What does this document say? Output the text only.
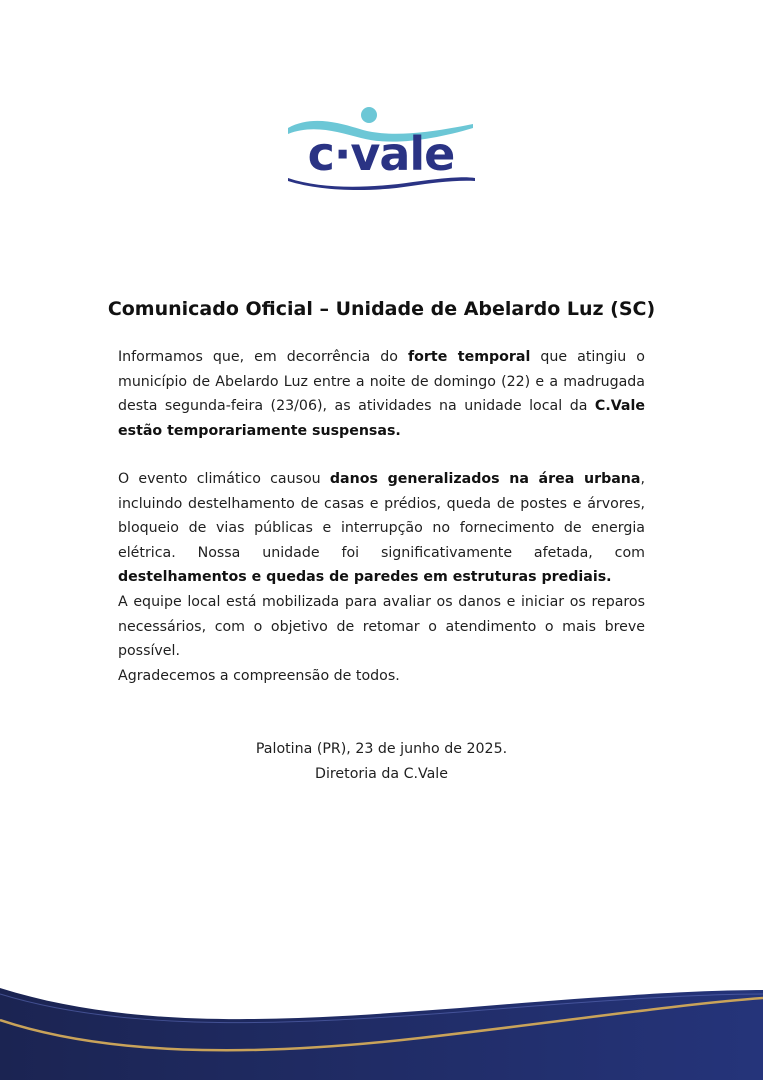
c·vale
Comunicado Oficial – Unidade de Abelardo Luz (SC)

Informamos que, em decorrência do forte temporal que atingiu o município de Abelardo Luz entre a noite de domingo (22) e a madrugada desta segunda-feira (23/06), as atividades na unidade local da C.Vale estão temporariamente suspensas.

O evento climático causou danos generalizados na área urbana, incluindo destelhamento de casas e prédios, queda de postes e árvores, bloqueio de vias públicas e interrupção no fornecimento de energia elétrica. Nossa unidade foi significativamente afetada, com destelhamentos e quedas de paredes em estruturas prediais.

A equipe local está mobilizada para avaliar os danos e iniciar os reparos necessários, com o objetivo de retomar o atendimento o mais breve possível.
Agradecemos a compreensão de todos.

Palotina (PR), 23 de junho de 2025.
Diretoria da C.Vale
